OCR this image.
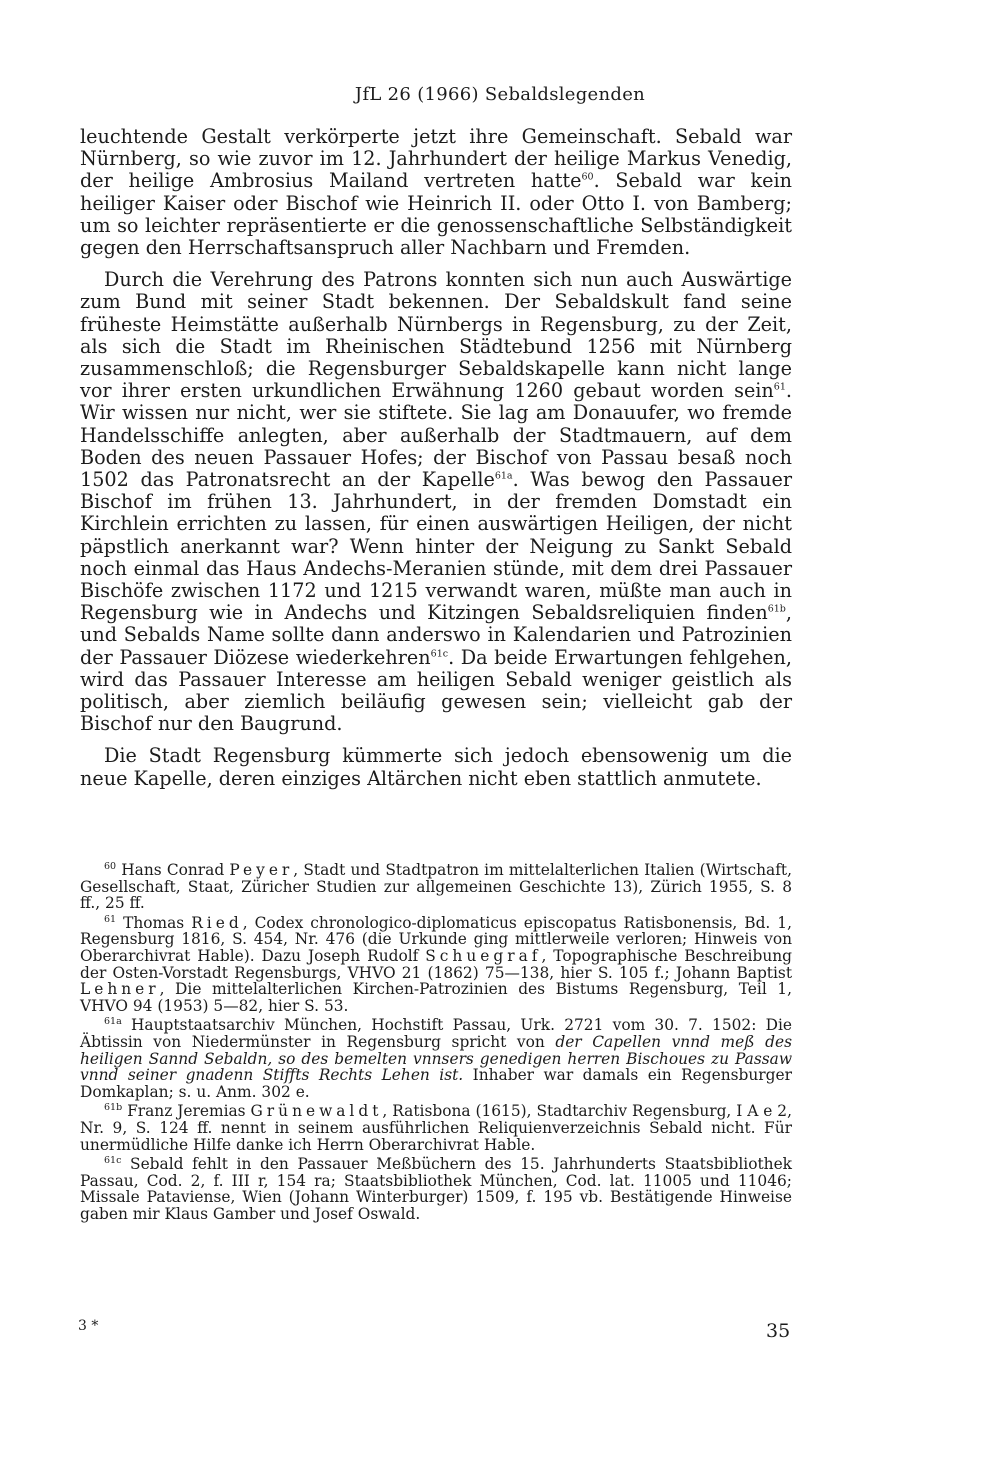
JfL 26 (1966) Sebaldslegenden

leuchtende Gestalt verkörperte jetzt ihre Gemeinschaft. Sebald war Nürnberg, so wie zuvor im 12. Jahrhundert der heilige Markus Venedig, der heilige Ambrosius Mailand vertreten hatte$^{60}$. Sebald war kein heiliger Kaiser oder Bischof wie Heinrich II. oder Otto I. von Bamberg; um so leichter repräsentierte er die genossenschaftliche Selbständigkeit gegen den Herrschaftsanspruch aller Nachbarn und Fremden.

Durch die Verehrung des Patrons konnten sich nun auch Auswärtige zum Bund mit seiner Stadt bekennen. Der Sebaldskult fand seine früheste Heimstätte außerhalb Nürnbergs in Regensburg, zu der Zeit, als sich die Stadt im Rheinischen Städtebund 1256 mit Nürnberg zusammenschloß; die Regensburger Sebaldskapelle kann nicht lange vor ihrer ersten urkundlichen Erwähnung 1260 gebaut worden sein$^{61}$. Wir wissen nur nicht, wer sie stiftete. Sie lag am Donauufer, wo fremde Handelsschiffe anlegten, aber außerhalb der Stadtmauern, auf dem Boden des neuen Passauer Hofes; der Bischof von Passau besaß noch 1502 das Patronatsrecht an der Kapelle$^{61a}$. Was bewog den Passauer Bischof im frühen 13. Jahrhundert, in der fremden Domstadt ein Kirchlein errichten zu lassen, für einen auswärtigen Heiligen, der nicht päpstlich anerkannt war? Wenn hinter der Neigung zu Sankt Sebald noch einmal das Haus Andechs-Meranien stünde, mit dem drei Passauer Bischöfe zwischen 1172 und 1215 verwandt waren, müßte man auch in Regensburg wie in Andechs und Kitzingen Sebaldsreliquien finden$^{61b}$, und Sebalds Name sollte dann anderswo in Kalendarien und Patrozinien der Passauer Diözese wiederkehren$^{61c}$. Da beide Erwartungen fehlgehen, wird das Passauer Interesse am heiligen Sebald weniger geistlich als politisch, aber ziemlich beiläufig gewesen sein; vielleicht gab der Bischof nur den Baugrund.

Die Stadt Regensburg kümmerte sich jedoch ebensowenig um die neue Kapelle, deren einziges Altärchen nicht eben stattlich anmutete.

$^{60}$ Hans Conrad Peyer, Stadt und Stadtpatron im mittelalterlichen Italien (Wirtschaft, Gesellschaft, Staat, Züricher Studien zur allgemeinen Geschichte 13), Zürich 1955, S. 8 ff., 25 ff.

$^{61}$ Thomas Ried, Codex chronologico-diplomaticus episcopatus Ratisbonensis, Bd. 1, Regensburg 1816, S. 454, Nr. 476 (die Urkunde ging mittlerweile verloren; Hinweis von Oberarchivrat Hable). Dazu Joseph Rudolf Schuegraf, Topographische Beschreibung der Osten-Vorstadt Regensburgs, VHVO 21 (1862) 75—138, hier S. 105 f.; Johann Baptist Lehner, Die mittelalterlichen Kirchen-Patrozinien des Bistums Regensburg, Teil 1, VHVO 94 (1953) 5—82, hier S. 53.

$^{61a}$ Hauptstaatsarchiv München, Hochstift Passau, Urk. 2721 vom 30. 7. 1502: Die Äbtissin von Niedermünster in Regensburg spricht von der Capellen vnnd meß des heiligen Sannd Sebaldn, so des bemelten vnnsers genedigen herren Bischoues zu Passaw vnnd seiner gnadenn Stiffts Rechts Lehen ist. Inhaber war damals ein Regensburger Domkaplan; s. u. Anm. 302 e.

$^{61b}$ Franz Jeremias Grünewaldt, Ratisbona (1615), Stadtarchiv Regensburg, I A e 2, Nr. 9, S. 124 ff. nennt in seinem ausführlichen Reliquienverzeichnis Sebald nicht. Für unermüdliche Hilfe danke ich Herrn Oberarchivrat Hable.

$^{61c}$ Sebald fehlt in den Passauer Meßbüchern des 15. Jahrhunderts Staatsbibliothek Passau, Cod. 2, f. III r, 154 ra; Staatsbibliothek München, Cod. lat. 11005 und 11046; Missale Pataviense, Wien (Johann Winterburger) 1509, f. 195 vb. Bestätigende Hinweise gaben mir Klaus Gamber und Josef Oswald.

3 *	35
